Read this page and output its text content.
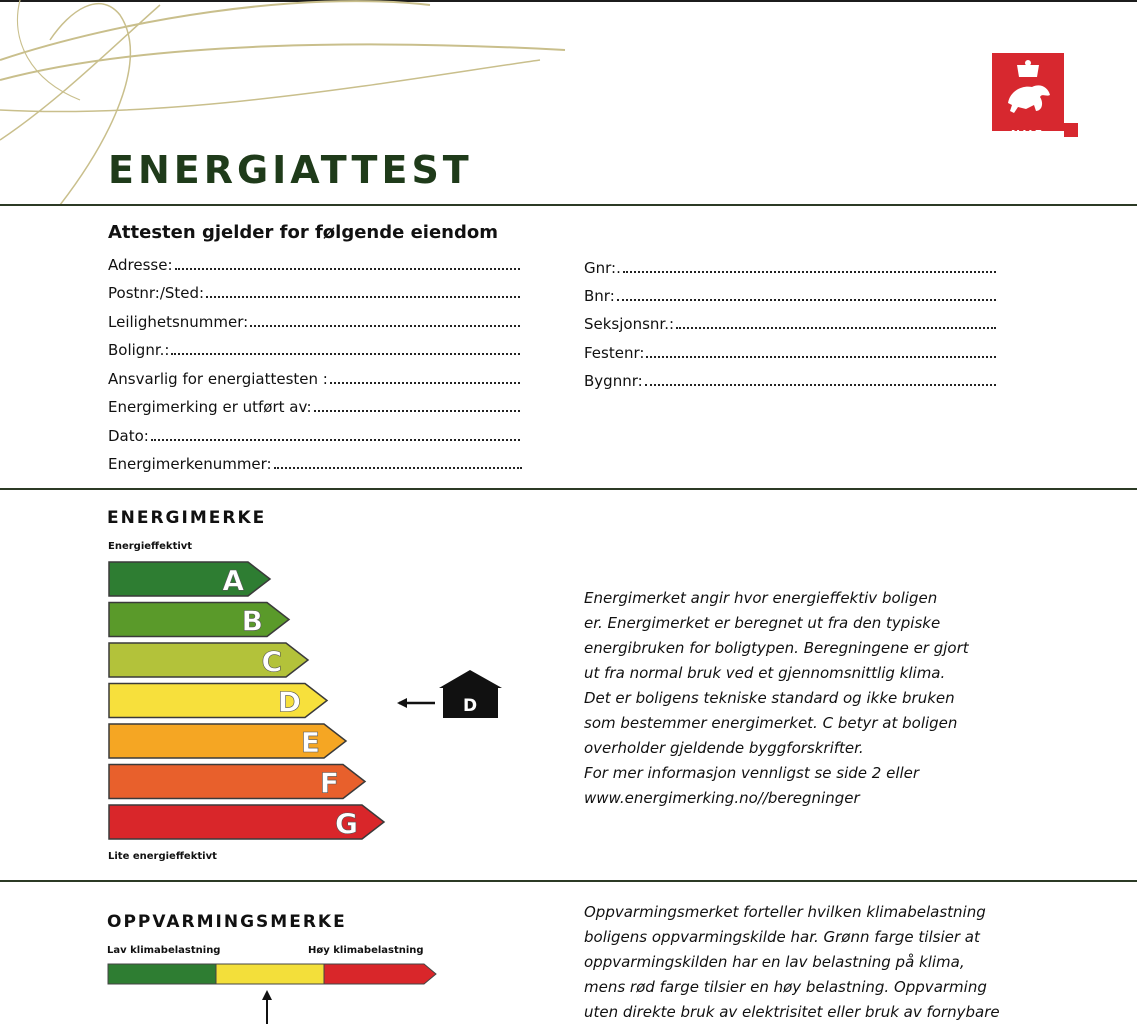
NVE
ENERGIATTEST
Attesten gjelder for følgende eiendom
Adresse:
Postnr:/Sted:
Leilighetsnummer:
Bolignr.:
Ansvarlig for energiattesten :
Energimerking er utført av:
Dato:
Energimerkenummer:
Gnr:.
Bnr:
Seksjonsnr.:
Festenr:
Bygnnr:
ENERGIMERKE
Energieffektivt
A
B
C
D
E
F
G
Lite energieffektivt
D
Energimerket angir hvor energieffektiv boligen
er. Energimerket er beregnet ut fra den typiske
energibruken for boligtypen. Beregningene er gjort
ut fra normal bruk ved et gjennomsnittlig klima.
Det er boligens tekniske standard og ikke bruken
som bestemmer energimerket. C betyr at boligen
overholder gjeldende byggforskrifter.
For mer informasjon vennligst se side 2 eller
www.energimerking.no//beregninger
OPPVARMINGSMERKE
Lav klimabelastning	Høy klimabelastning
Oppvarmingsmerket forteller hvilken klimabelastning
boligens oppvarmingskilde har. Grønn farge tilsier at
oppvarmingskilden har en lav belastning på klima,
mens rød farge tilsier en høy belastning. Oppvarming
uten direkte bruk av elektrisitet eller bruk av fornybare
